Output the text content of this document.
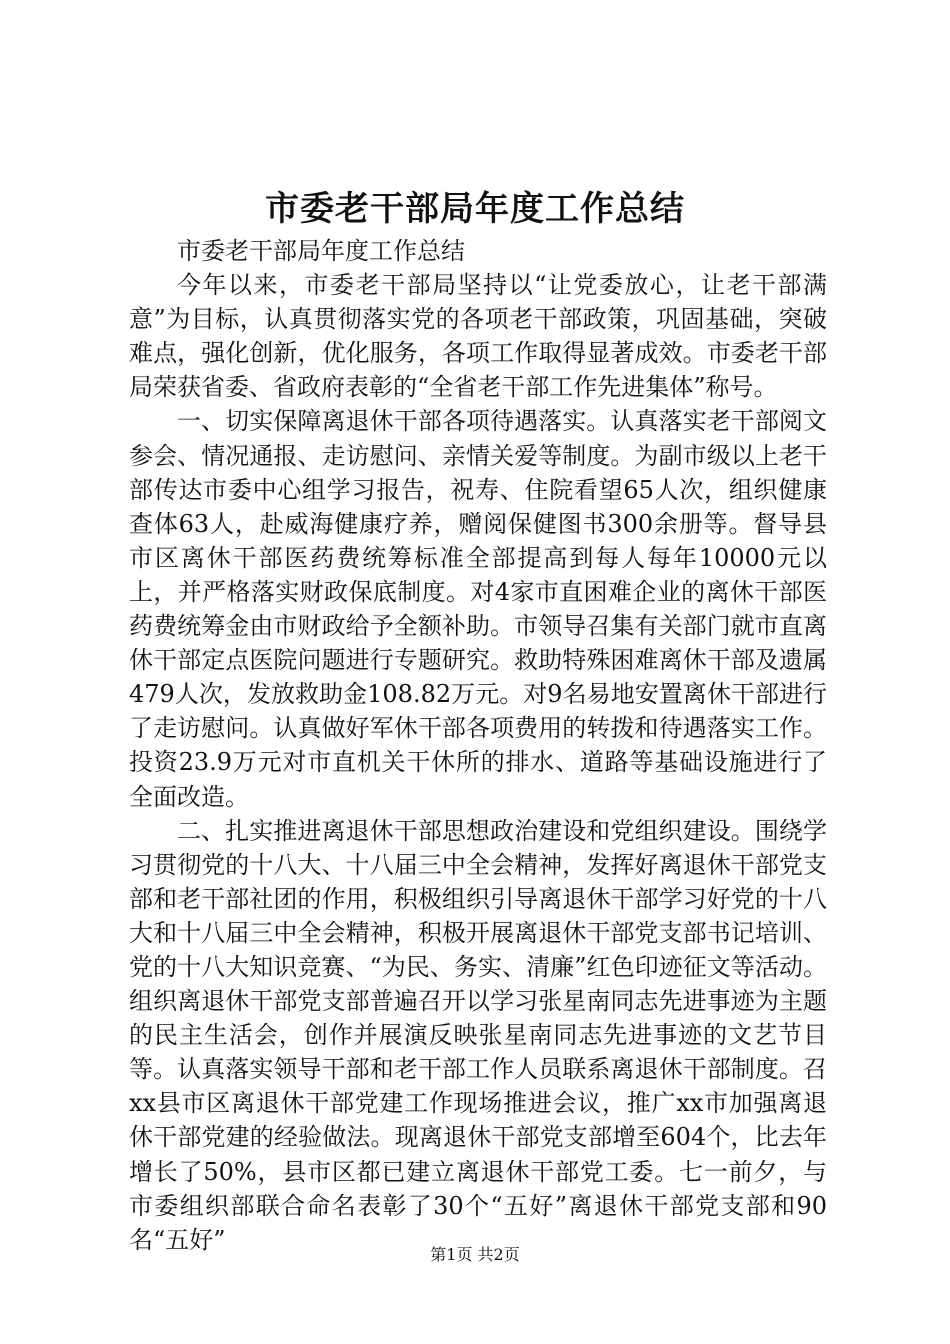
市委老干部局年度工作总结

市委老干部局年度工作总结

今年以来，市委老干部局坚持以“让党委放心，让老干部满意”为目标，认真贯彻落实党的各项老干部政策，巩固基础，突破难点，强化创新，优化服务，各项工作取得显著成效。市委老干部局荣获省委、省政府表彰的“全省老干部工作先进集体”称号。

一、切实保障离退休干部各项待遇落实。认真落实老干部阅文参会、情况通报、走访慰问、亲情关爱等制度。为副市级以上老干部传达市委中心组学习报告，祝寿、住院看望65人次，组织健康查体63人，赴威海健康疗养，赠阅保健图书300余册等。督导县市区离休干部医药费统筹标准全部提高到每人每年10000元以上，并严格落实财政保底制度。对4家市直困难企业的离休干部医药费统筹金由市财政给予全额补助。市领导召集有关部门就市直离休干部定点医院问题进行专题研究。救助特殊困难离休干部及遗属479人次，发放救助金108.82万元。对9名易地安置离休干部进行了走访慰问。认真做好军休干部各项费用的转拨和待遇落实工作。投资23.9万元对市直机关干休所的排水、道路等基础设施进行了全面改造。

二、扎实推进离退休干部思想政治建设和党组织建设。围绕学习贯彻党的十八大、十八届三中全会精神，发挥好离退休干部党支部和老干部社团的作用，积极组织引导离退休干部学习好党的十八大和十八届三中全会精神，积极开展离退休干部党支部书记培训、党的十八大知识竞赛、“为民、务实、清廉”红色印迹征文等活动。组织离退休干部党支部普遍召开以学习张星南同志先进事迹为主题的民主生活会，创作并展演反映张星南同志先进事迹的文艺节目等。认真落实领导干部和老干部工作人员联系离退休干部制度。召xx县市区离退休干部党建工作现场推进会议，推广xx市加强离退休干部党建的经验做法。现离退休干部党支部增至604个，比去年增长了50%，县市区都已建立离退休干部党工委。七一前夕，与市委组织部联合命名表彰了30个“五好”离退休干部党支部和90名“五好”

第1页 共2页
